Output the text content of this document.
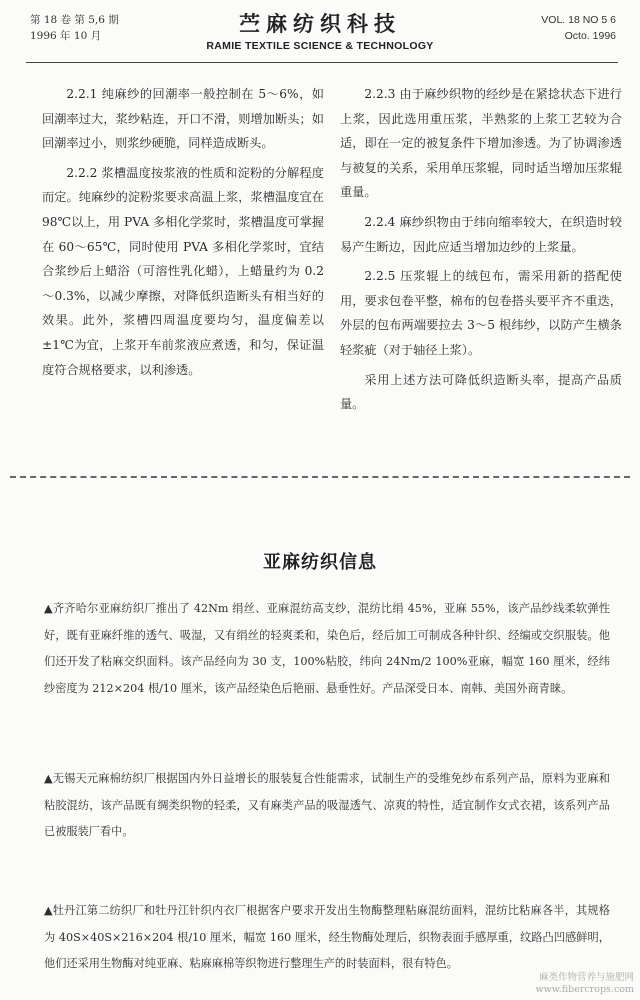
第 18 卷 第 5,6 期
1996 年 10 月	苎麻纺织科技
RAMIE TEXTILE SCIENCE & TECHNOLOGY
VOL. 18 NO 5 6
Octo. 1996

2.2.1 纯麻纱的回潮率一般控制在 5～6%，如回潮率过大，浆纱粘连，开口不滑，则增加断头；如回潮率过小，则浆纱硬脆，同样造成断头。

2.2.2 浆槽温度按浆液的性质和淀粉的分解程度而定。纯麻纱的淀粉浆要求高温上浆，浆槽温度宜在 98℃以上，用 PVA 多相化学浆时，浆槽温度可掌握在 60～65℃，同时使用 PVA 多相化学浆时，宜结合浆纱后上蜡浴（可溶性乳化蜡），上蜡量约为 0.2～0.3%，以减少摩擦，对降低织造断头有相当好的效果。此外，浆槽四周温度要均匀，温度偏差以±1℃为宜，上浆开车前浆液应煮透，和匀，保证温度符合规格要求，以利渗透。

2.2.3 由于麻纱织物的经纱是在紧捻状态下进行上浆，因此选用重压浆，半熟浆的上浆工艺较为合适，即在一定的被复条件下增加渗透。为了协调渗透与被复的关系，采用单压浆辊，同时适当增加压浆辊重量。

2.2.4 麻纱织物由于纬向缩率较大，在织造时较易产生断边，因此应适当增加边纱的上浆量。

2.2.5 压浆辊上的绒包布，需采用新的搭配使用，要求包卷平整，棉布的包卷搭头要平齐不重迭，外层的包布两端要拉去 3～5 根纬纱，以防产生横条轻浆疵（对于轴径上浆）。

采用上述方法可降低织造断头率，提高产品质量。

亚麻纺织信息

▲齐齐哈尔亚麻纺织厂推出了 42Nm 绢丝、亚麻混纺高支纱，混纺比绢 45%，亚麻 55%，该产品纱线柔软弹性好，既有亚麻纤维的透气、吸湿，又有绢丝的轻爽柔和，染色后，经后加工可制成各种针织、经编或交织服装。他们还开发了粘麻交织面料。该产品经向为 30 支，100%粘胶，纬向 24Nm/2 100%亚麻，幅宽 160 厘米，经纬纱密度为 212×204 根/10 厘米，该产品经染色后艳丽、悬垂性好。产品深受日本、南韩、美国外商青睐。

▲无锡天元麻棉纺织厂根据国内外日益增长的服装复合性能需求，试制生产的受维免纱布系列产品，原料为亚麻和粘胶混纺，该产品既有绸类织物的轻柔，又有麻类产品的吸湿透气、凉爽的特性，适宜制作女式衣裙，该系列产品已被服装厂看中。

▲牡丹江第二纺织厂和牡丹江针织内衣厂根据客户要求开发出生物酶整理粘麻混纺面料，混纺比粘麻各半，其规格为 40S×40S×216×204 根/10 厘米，幅宽 160 厘米，经生物酶处理后，织物表面手感厚重，纹路凸凹感鲜明，他们还采用生物酶对纯亚麻、粘麻麻棉等织物进行整理生产的时装面料，很有特色。

麻类作物营养与施肥网
www.fibercrops.com
